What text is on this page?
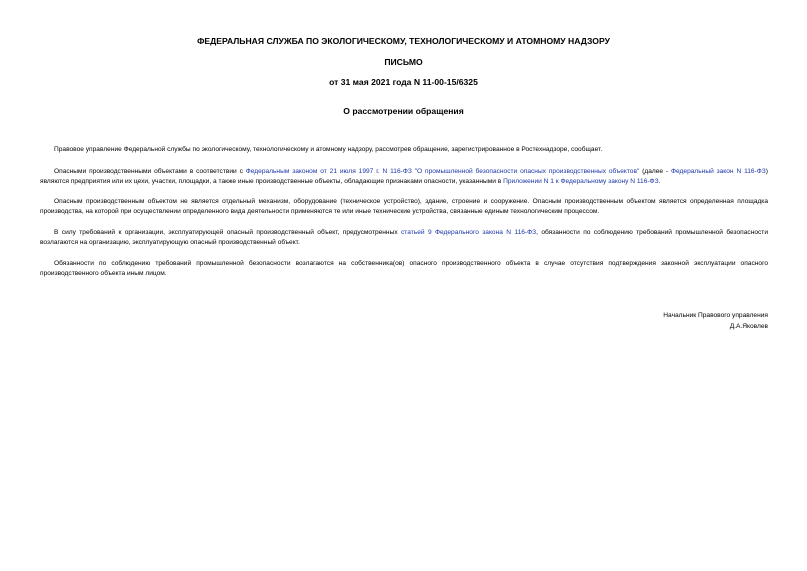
ФЕДЕРАЛЬНАЯ СЛУЖБА ПО ЭКОЛОГИЧЕСКОМУ, ТЕХНОЛОГИЧЕСКОМУ И АТОМНОМУ НАДЗОРУ
ПИСЬМО
от 31 мая 2021 года N 11-00-15/6325
О рассмотрении обращения
Правовое управление Федеральной службы по экологическому, технологическому и атомному надзору, рассмотрев обращение, зарегистрированное в Ростехнадзоре, сообщает.
Опасными производственными объектами в соответствии с Федеральным законом от 21 июля 1997 г. N 116-ФЗ "О промышленной безопасности опасных производственных объектов" (далее - Федеральный закон N 116-ФЗ) являются предприятия или их цехи, участки, площадки, а также иные производственные объекты, обладающие признаками опасности, указанными в Приложении N 1 к Федеральному закону N 116-ФЗ.
Опасным производственным объектом не является отдельный механизм, оборудование (техническое устройство), здание, строение и сооружение. Опасным производственным объектом является определенная площадка производства, на которой при осуществлении определенного вида деятельности применяются те или иные технические устройства, связанные единым технологическим процессом.
В силу требований к организации, эксплуатирующей опасный производственный объект, предусмотренных статьей 9 Федерального закона N 116-ФЗ, обязанности по соблюдению требований промышленной безопасности возлагаются на организацию, эксплуатирующую опасный производственный объект.
Обязанности по соблюдению требований промышленной безопасности возлагаются на собственника(ов) опасного производственного объекта в случае отсутствия подтверждения законной эксплуатации опасного производственного объекта иным лицом.
Начальник Правового управления
Д.А.Яковлев
